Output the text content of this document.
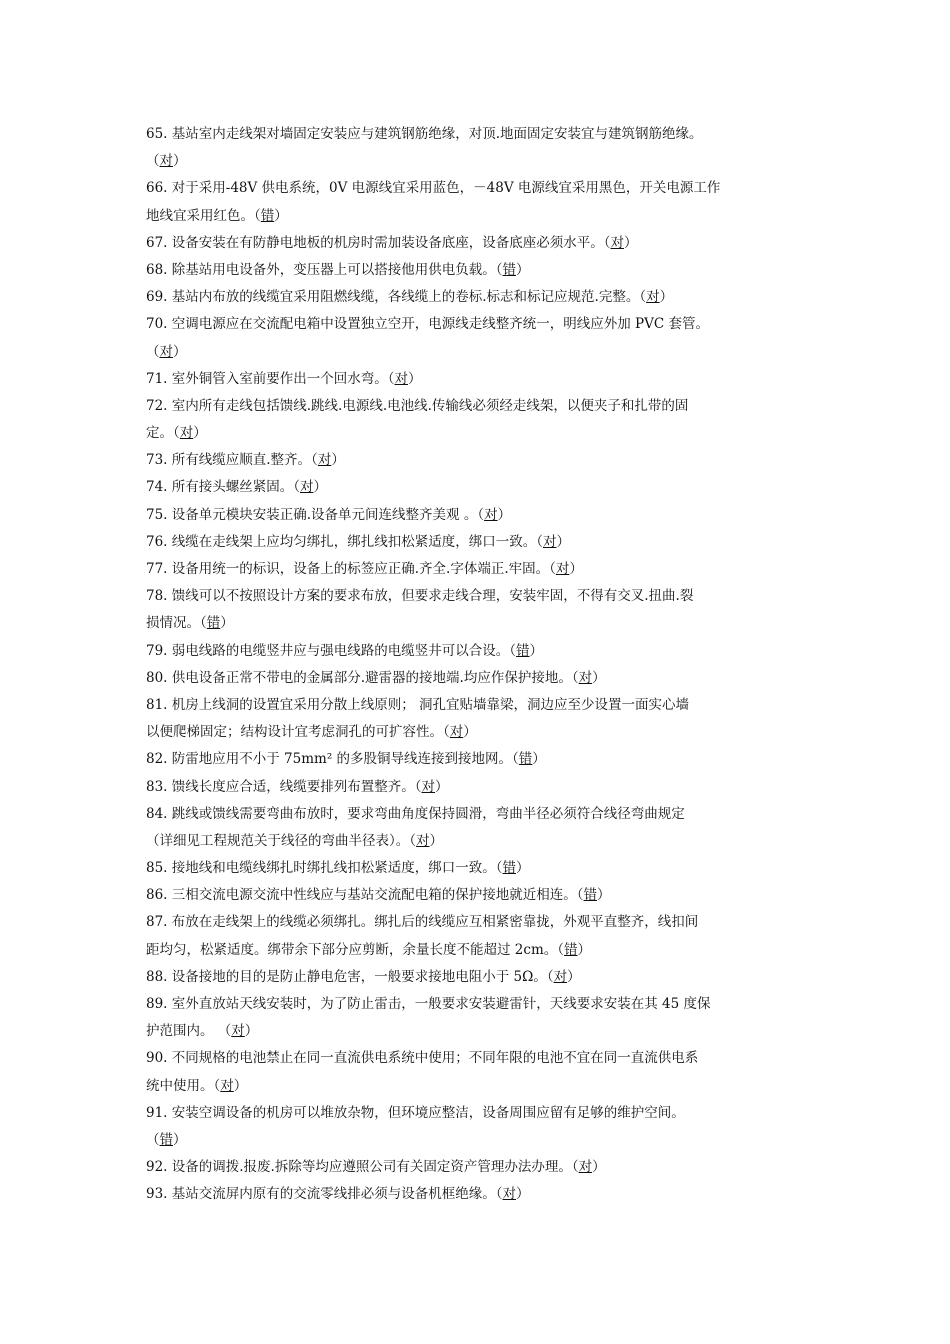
65. 基站室内走线架对墙固定安装应与建筑钢筋绝缘，对顶.地面固定安装宜与建筑钢筋绝缘。
（对）
66. 对于采用-48V 供电系统，0V 电源线宜采用蓝色，－48V 电源线宜采用黑色，开关电源工作
地线宜采用红色。（错）
67. 设备安装在有防静电地板的机房时需加装设备底座，设备底座必须水平。（对）
68. 除基站用电设备外，变压器上可以搭接他用供电负载。（错）
69. 基站内布放的线缆宜采用阻燃线缆，各线缆上的卷标.标志和标记应规范.完整。（对）
70. 空调电源应在交流配电箱中设置独立空开，电源线走线整齐统一，明线应外加 PVC 套管。
（对）
71. 室外铜管入室前要作出一个回水弯。（对）
72. 室内所有走线包括馈线.跳线.电源线.电池线.传输线必须经走线架，以便夹子和扎带的固
定。（对）
73. 所有线缆应顺直.整齐。（对）
74. 所有接头螺丝紧固。（对）
75. 设备单元模块安装正确.设备单元间连线整齐美观 。（对）
76. 线缆在走线架上应均匀绑扎，绑扎线扣松紧适度，绑口一致。（对）
77. 设备用统一的标识，设备上的标签应正确.齐全.字体端正.牢固。（对）
78. 馈线可以不按照设计方案的要求布放，但要求走线合理，安装牢固，不得有交叉.扭曲.裂
损情况。（错）
79. 弱电线路的电缆竖井应与强电线路的电缆竖井可以合设。（错）
80. 供电设备正常不带电的金属部分.避雷器的接地端.均应作保护接地。（对）
81. 机房上线洞的设置宜采用分散上线原则； 洞孔宜贴墙靠梁，洞边应至少设置一面实心墙
以便爬梯固定；结构设计宜考虑洞孔的可扩容性。（对）
82. 防雷地应用不小于 75mm² 的多股铜导线连接到接地网。（错）
83. 馈线长度应合适，线缆要排列布置整齐。（对）
84. 跳线或馈线需要弯曲布放时，要求弯曲角度保持圆滑，弯曲半径必须符合线径弯曲规定
（详细见工程规范关于线径的弯曲半径表）。（对）
85. 接地线和电缆线绑扎时绑扎线扣松紧适度，绑口一致。（错）
86. 三相交流电源交流中性线应与基站交流配电箱的保护接地就近相连。（错）
87. 布放在走线架上的线缆必须绑扎。绑扎后的线缆应互相紧密靠拢，外观平直整齐，线扣间
距均匀，松紧适度。绑带余下部分应剪断，余量长度不能超过 2cm。（错）
88. 设备接地的目的是防止静电危害，一般要求接地电阻小于 5Ω。（对）
89. 室外直放站天线安装时，为了防止雷击，一般要求安装避雷针，天线要求安装在其 45 度保
护范围内。 （对）
90. 不同规格的电池禁止在同一直流供电系统中使用；不同年限的电池不宜在同一直流供电系
统中使用。（对）
91. 安装空调设备的机房可以堆放杂物，但环境应整洁，设备周围应留有足够的维护空间。
（错）
92. 设备的调拨.报废.拆除等均应遵照公司有关固定资产管理办法办理。（对）
93. 基站交流屏内原有的交流零线排必须与设备机框绝缘。（对）
